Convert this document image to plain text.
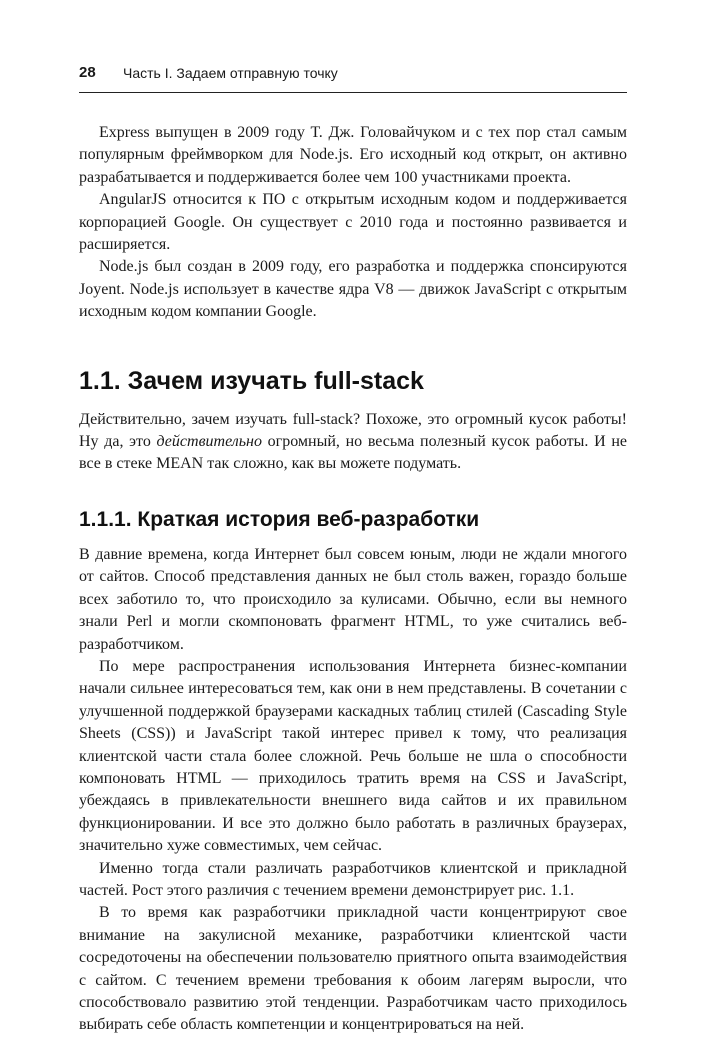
28 Часть I. Задаем отправную точку

Express выпущен в 2009 году Т. Дж. Головайчуком и с тех пор стал самым популярным фреймворком для Node.js. Его исходный код открыт, он активно разрабатывается и поддерживается более чем 100 участниками проекта.

AngularJS относится к ПО с открытым исходным кодом и поддерживается корпорацией Google. Он существует с 2010 года и постоянно развивается и расширяется.

Node.js был создан в 2009 году, его разработка и поддержка спонсируются Joyent. Node.js использует в качестве ядра V8 — движок JavaScript с открытым исходным кодом компании Google.

1.1. Зачем изучать full-stack

Действительно, зачем изучать full-stack? Похоже, это огромный кусок работы! Ну да, это действительно огромный, но весьма полезный кусок работы. И не все в стеке MEAN так сложно, как вы можете подумать.

1.1.1. Краткая история веб-разработки

В давние времена, когда Интернет был совсем юным, люди не ждали многого от сайтов. Способ представления данных не был столь важен, гораздо больше всех заботило то, что происходило за кулисами. Обычно, если вы немного знали Perl и могли скомпоновать фрагмент HTML, то уже считались веб-разработчиком.

По мере распространения использования Интернета бизнес-компании начали сильнее интересоваться тем, как они в нем представлены. В сочетании с улучшенной поддержкой браузерами каскадных таблиц стилей (Cascading Style Sheets (CSS)) и JavaScript такой интерес привел к тому, что реализация клиентской части стала более сложной. Речь больше не шла о способности компоновать HTML — приходилось тратить время на CSS и JavaScript, убеждаясь в привлекательности внешнего вида сайтов и их правильном функционировании. И все это должно было работать в различных браузерах, значительно хуже совместимых, чем сейчас.

Именно тогда стали различать разработчиков клиентской и прикладной частей. Рост этого различия с течением времени демонстрирует рис. 1.1.

В то время как разработчики прикладной части концентрируют свое внимание на закулисной механике, разработчики клиентской части сосредоточены на обеспечении пользователю приятного опыта взаимодействия с сайтом. С течением времени требования к обоим лагерям выросли, что способствовало развитию этой тенденции. Разработчикам часто приходилось выбирать себе область компетенции и концентрироваться на ней.
